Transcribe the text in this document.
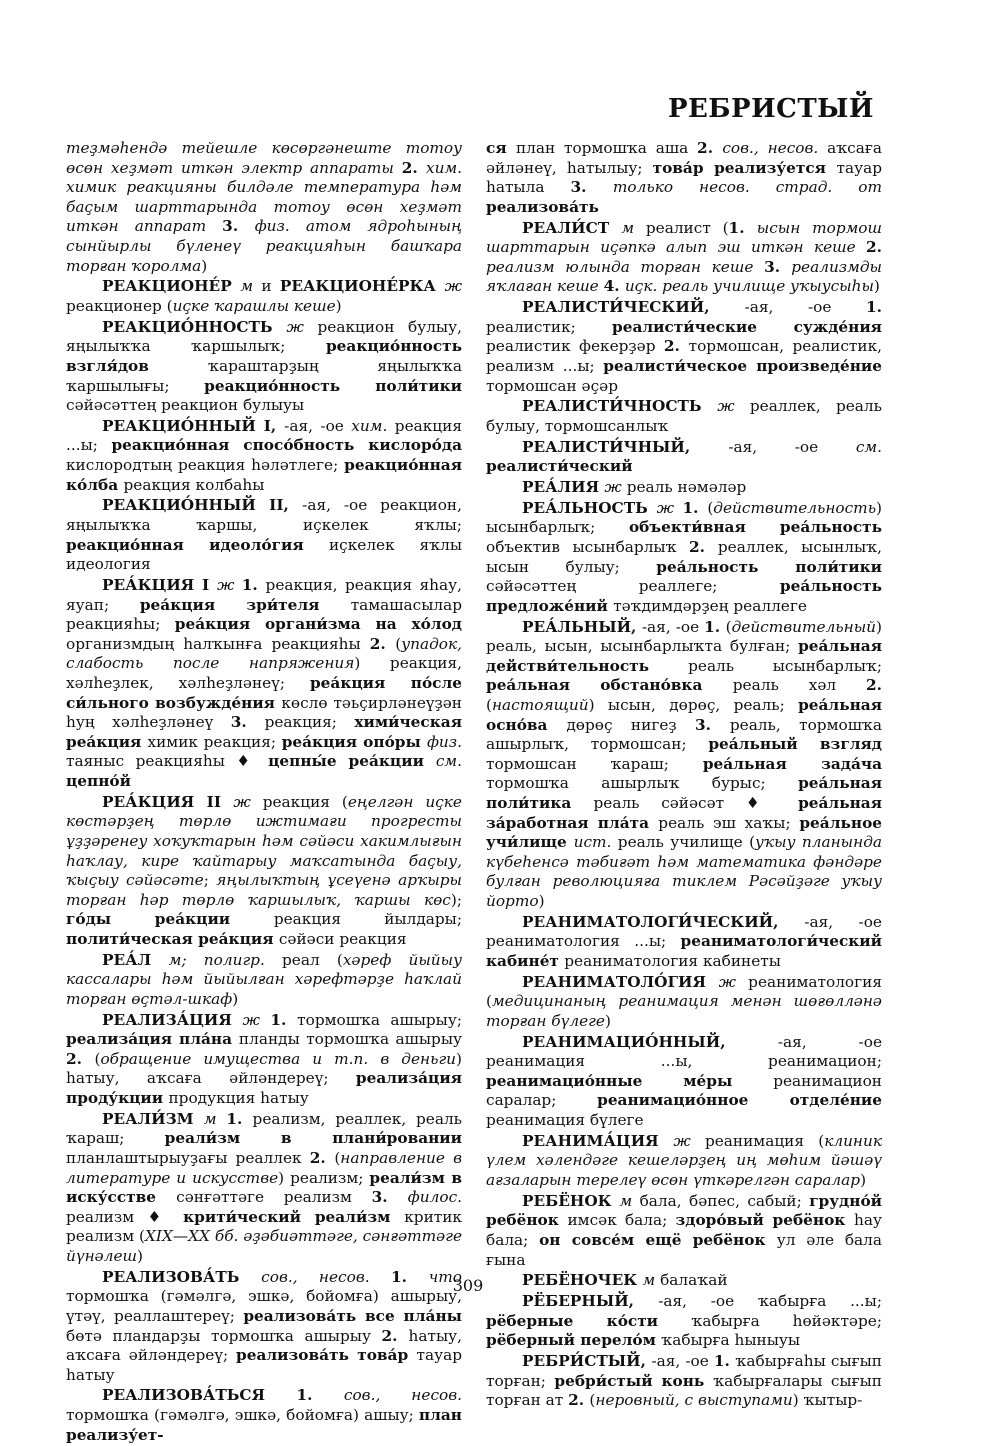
РЕБРИСТЫЙ

теҙмәһендә тейешле көсөргәнеште тотоу өсөн хеҙмәт иткән электр аппараты 2. хим. химик реакцияны билдәле температура һәм баҫым шарттарында тотоу өсөн хеҙмәт иткән аппарат 3. физ. атом ядроһының сынйырлы бүленеү реакцияһын башҡара торған ҡоролма)

РЕАКЦИОНЕ́Р м и РЕАКЦИОНЕ́РКА ж реакционер (иҫке ҡарашлы кеше)

РЕАКЦИО́ННОСТЬ ж реакцион булыу, яңылыҡҡа ҡаршылыҡ; реакцио́нность взгля́дов ҡараштарҙың яңылыҡҡа ҡаршылығы; реакцио́нность поли́тики сәйәсәттең реакцион булыуы

РЕАКЦИО́ННЫЙ I, -ая, -ое хим. реакция ...ы; реакцио́нная спосо́бность кислоро́да кислородтың реакция һәләтлеге; реакцио́нная ко́лба реакция колбаһы

РЕАКЦИО́ННЫЙ II, -ая, -ое реакцион, яңылыҡҡа ҡаршы, иҫкелек яҡлы; реакцио́нная идеоло́гия иҫкелек яҡлы идеология

РЕА́КЦИЯ I ж 1. реакция, реакция яһау, яуап; реа́кция зри́теля тамашасылар реакцияһы; реа́кция органи́зма на хо́лод организмдың һалҡынға реакцияһы 2. (упадок, слабость после напряжения) реакция, хәлһеҙлек, хәлһеҙләнеү; реа́кция по́сле си́льного возбужде́ния көслө тәьҫирләнеүҙән һуң хәлһеҙләнеү 3. реакция; хими́ческая реа́кция химик реакция; реа́кция опо́ры физ. таяныс реакцияһы ♦ цепны́е реа́кции см. цепно́й

РЕА́КЦИЯ II ж реакция (еңелгән иҫке көстәрҙең төрлө ижтимағи прогресты ұҙҙәренеу хоҡуҡтарын һәм сәйәси хакимлығын һаҡлау, кире ҡайтарыу маҡсатында баҫыу, ҡыҫыу сәйәсәте; яңылыҡтың ұсеүенә арҡыры торған һәр төрлө ҡаршылыҡ, ҡаршы көс); го́ды реа́кции реакция йылдары; полити́ческая реа́кция сәйәси реакция

РЕА́Л м; полигр. реал (хәреф йыйыу кассалары һәм йыйылған хәрефтәрҙе һаҡлай торған өҫтәл-шкаф)

РЕАЛИЗА́ЦИЯ ж 1. тормошҡа ашырыу; реализа́ция пла́на планды тормошҡа ашырыу 2. (обращение имущества и т.п. в деньги) һатыу, аҡсаға әйләндереү; реализа́ция проду́кции продукция һатыу

РЕАЛИ́ЗМ м 1. реализм, реаллек, реаль ҡараш; реали́зм в плани́ровании планлаштырыуҙағы реаллек 2. (направление в литературе и искусстве) реализм; реали́зм в иску́сстве сәнғәттәге реализм 3. филос. реализм ♦ крити́ческий реали́зм критик реализм (XIX—XX бб. әҙәбиәттәге, сәнғәттәге йүнәлеш)

РЕАЛИЗОВА́ТЬ сов., несов. 1. что тормошҡа (гәмәлгә, эшкә, бойомға) ашырыу, үтәү, реаллаштереү; реализова́ть все пла́ны бөтә пландарҙы тормошҡа ашырыу 2. һатыу, аҡсаға әйләндереү; реализова́ть това́р тауар һатыу

РЕАЛИЗОВА́ТЬСЯ 1. сов., несов. тормошҡа (гәмәлгә, эшкә, бойомға) ашыу; план реализу́ет-

ся план тормошҡа аша 2. сов., несов. аҡсаға әйләнеү, һатылыу; това́р реализу́ется тауар һатыла 3. только несов. страд. от реализова́ть

РЕАЛИ́СТ м реалист (1. ысын тормош шарттарын иҫәпкә алып эш иткән кеше 2. реализм юлында торған кеше 3. реализмды яҡлаған кеше 4. иҫк. реаль училище уҡыусыһы)

РЕАЛИСТИ́ЧЕСКИЙ, -ая, -ое 1. реалистик; реалисти́ческие сужде́ния реалистик фекерҙәр 2. тормошсан, реалистик, реализм ...ы; реалисти́ческое произведе́ние тормошсан әҫәр

РЕАЛИСТИ́ЧНОСТЬ ж реаллек, реаль булыу, тормошсанлыҡ

РЕАЛИСТИ́ЧНЫЙ, -ая, -ое см. реалисти́ческий

РЕА́ЛИЯ ж реаль нәмәләр

РЕА́ЛЬНОСТЬ ж 1. (действительность) ысынбарлыҡ; объекти́вная реа́льность объектив ысынбарлыҡ 2. реаллек, ысынлыҡ, ысын булыу; реа́льность поли́тики сәйәсәттең реаллеге; реа́льность предложе́ний тәҡдимдәрҙең реаллеге

РЕА́ЛЬНЫЙ, -ая, -ое 1. (действительный) реаль, ысын, ысынбарлыҡта булған; реа́льная действи́тельность реаль ысынбарлыҡ; реа́льная обстано́вка реаль хәл 2. (настоящий) ысын, дөрөҫ, реаль; реа́льная осно́ва дөрөҫ нигеҙ 3. реаль, тормошҡа ашырлыҡ, тормошсан; реа́льный взгляд тормошсан ҡараш; реа́льная зада́ча тормошҡа ашырлыҡ бурыс; реа́льная поли́тика реаль сәйәсәт ♦ реа́льная за́работная пла́та реаль эш хаҡы; реа́льное учи́лище ист. реаль училище (уҡыу планында күбеһенсә тәбиғәт һәм математика фәндәре булған революцияға тиклем Рәсәйҙәге уҡыу йорто)

РЕАНИМАТОЛОГИ́ЧЕСКИЙ, -ая, -ое реаниматология ...ы; реаниматологи́ческий кабине́т реаниматология кабинеты

РЕАНИМАТОЛО́ГИЯ ж реаниматология (медицинаның реанимация менән шөғөлләнә торған бүлеге)

РЕАНИМАЦИО́ННЫЙ, -ая, -ое реанимация ...ы, реанимацион; реанимацио́нные ме́ры реанимацион саралар; реанимацио́нное отделе́ние реанимация бүлеге

РЕАНИМА́ЦИЯ ж реанимация (клиник үлем хәлендәге кешеләрҙең иң мөһим йәшәү ағзаларын терелеү өсөн үткәрелгән саралар)

РЕБЁНОК м бала, бәпес, сабый; грудно́й ребёнок имсәк бала; здоро́вый ребёнок һау бала; он совсе́м ещё ребёнок ул әле бала ғына

РЕБЁНОЧЕК м балаҡай

РЁБЕРНЫЙ, -ая, -ое ҡабырға ...ы; рёберные ко́сти ҡабырға һөйәктәре; рёберный перело́м ҡабырға һыныуы

РЕБРИ́СТЫЙ, -ая, -ое 1. ҡабырғаһы сығып торған; ребри́стый конь ҡабырғалары сығып торған ат 2. (неровный, с выступами) ҡытыр-

309
